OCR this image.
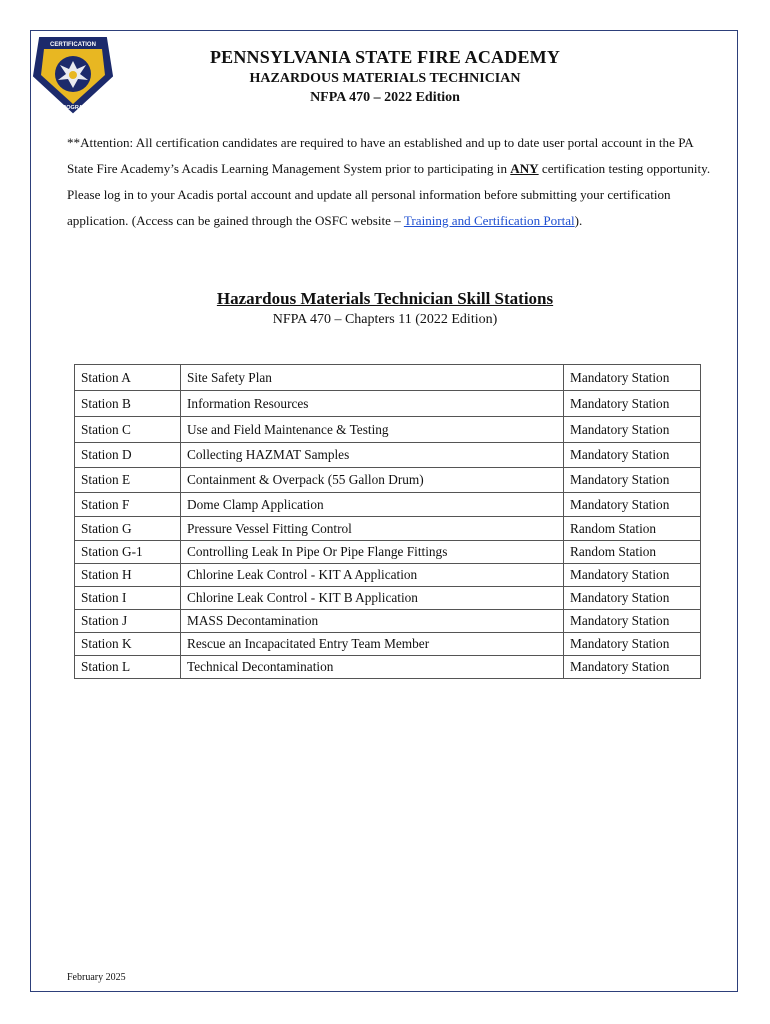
CERTIFICATION
PROGRAM
PENNSYLVANIA STATE FIRE ACADEMY
HAZARDOUS MATERIALS TECHNICIAN
NFPA 470 – 2022 Edition
**Attention: All certification candidates are required to have an established and up to date user portal account in the PA State Fire Academy’s Acadis Learning Management System prior to participating in ANY certification testing opportunity. Please log in to your Acadis portal account and update all personal information before submitting your certification application. (Access can be gained through the OSFC website – Training and Certification Portal).
Hazardous Materials Technician Skill Stations
NFPA 470 – Chapters 11 (2022 Edition)
Station A	Site Safety Plan	Mandatory Station
Station B	Information Resources	Mandatory Station
Station C	Use and Field Maintenance & Testing	Mandatory Station
Station D	Collecting HAZMAT Samples	Mandatory Station
Station E	Containment & Overpack (55 Gallon Drum)	Mandatory Station
Station F	Dome Clamp Application	Mandatory Station
Station G	Pressure Vessel Fitting Control	Random Station
Station G-1	Controlling Leak In Pipe Or Pipe Flange Fittings	Random Station
Station H	Chlorine Leak Control - KIT A Application	Mandatory Station
Station I	Chlorine Leak Control - KIT B Application	Mandatory Station
Station J	MASS Decontamination	Mandatory Station
Station K	Rescue an Incapacitated Entry Team Member	Mandatory Station
Station L	Technical Decontamination	Mandatory Station
February 2025
